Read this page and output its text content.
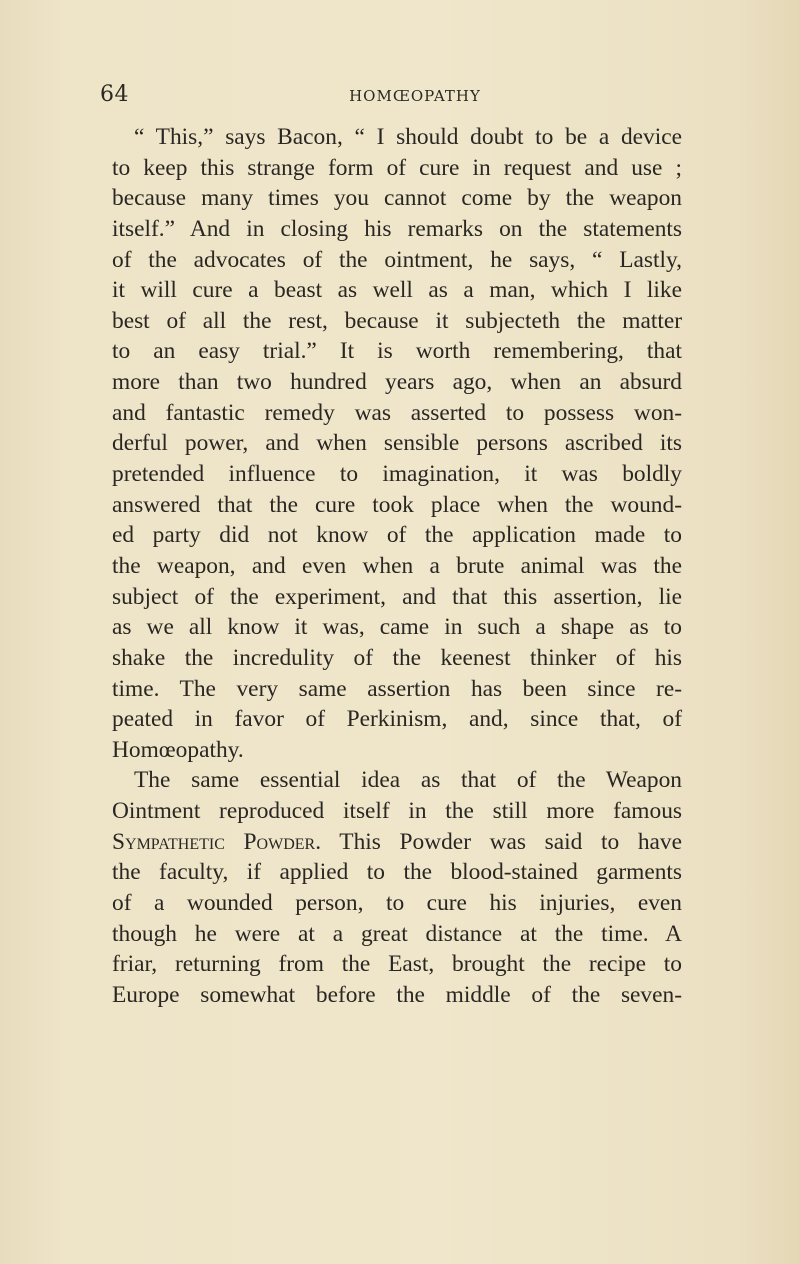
64	HOMŒOPATHY
“ This,” says Bacon, “ I should doubt to be a device
to keep this strange form of cure in request and use ;
because many times you cannot come by the weapon
itself.” And in closing his remarks on the statements
of the advocates of the ointment, he says, “ Lastly,
it will cure a beast as well as a man, which I like
best of all the rest, because it subjecteth the matter
to an easy trial.” It is worth remembering, that
more than two hundred years ago, when an absurd
and fantastic remedy was asserted to possess won-
derful power, and when sensible persons ascribed its
pretended influence to imagination, it was boldly
answered that the cure took place when the wound-
ed party did not know of the application made to
the weapon, and even when a brute animal was the
subject of the experiment, and that this assertion, lie
as we all know it was, came in such a shape as to
shake the incredulity of the keenest thinker of his
time. The very same assertion has been since re-
peated in favor of Perkinism, and, since that, of
Homœopathy.
The same essential idea as that of the Weapon
Ointment reproduced itself in the still more famous
Sympathetic Powder. This Powder was said to have
the faculty, if applied to the blood-stained garments
of a wounded person, to cure his injuries, even
though he were at a great distance at the time. A
friar, returning from the East, brought the recipe to
Europe somewhat before the middle of the seven-
